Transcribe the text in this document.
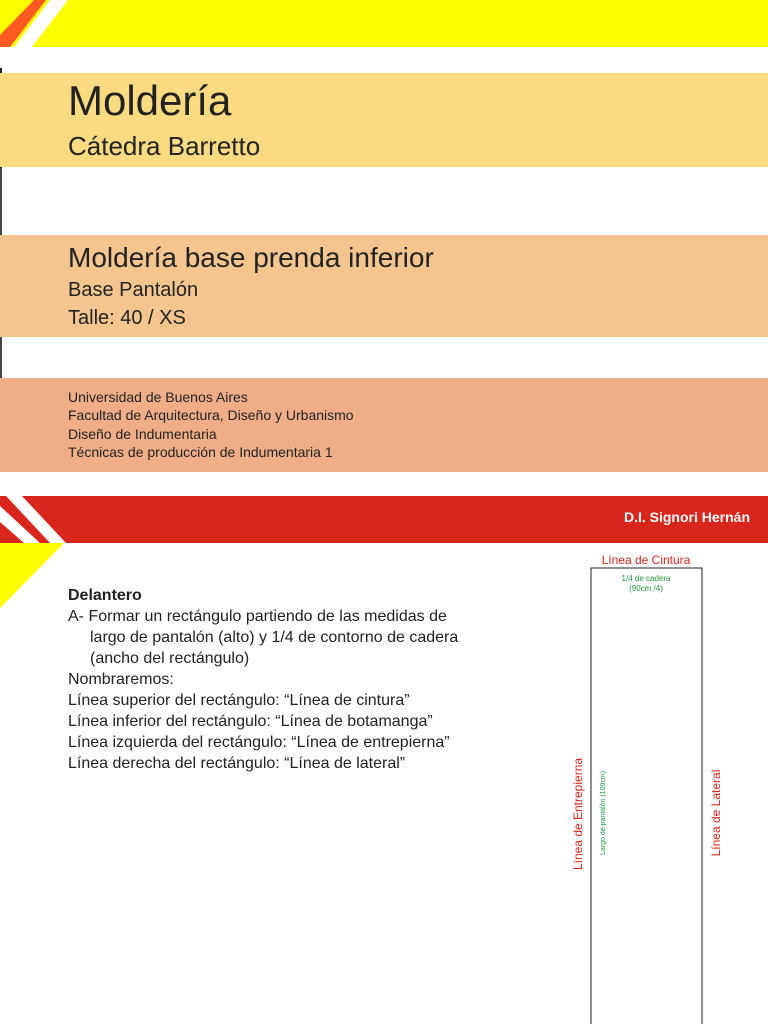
Moldería
Cátedra Barretto
Moldería base prenda inferior
Base Pantalón
Talle: 40 / XS
Universidad de Buenos Aires
Facultad de Arquitectura, Diseño y Urbanismo
Diseño de Indumentaria
Técnicas de producción de Indumentaria 1
D.I. Signori Hernán
Delantero
A- Formar un rectángulo partiendo de las medidas de
largo de pantalón (alto) y 1/4 de contorno de cadera
(ancho del rectángulo)
Nombraremos:
Línea superior del rectángulo: “Línea de cintura”
Línea inferior del rectángulo: “Línea de botamanga”
Línea izquierda del rectángulo: “Línea de entrepierna”
Línea derecha del rectángulo: “Línea de lateral”
Línea de Cintura
1/4 de cadera
(90cm /4)
Línea de Entrepierna Largo de pantalón (100cm)	Línea de Lateral
